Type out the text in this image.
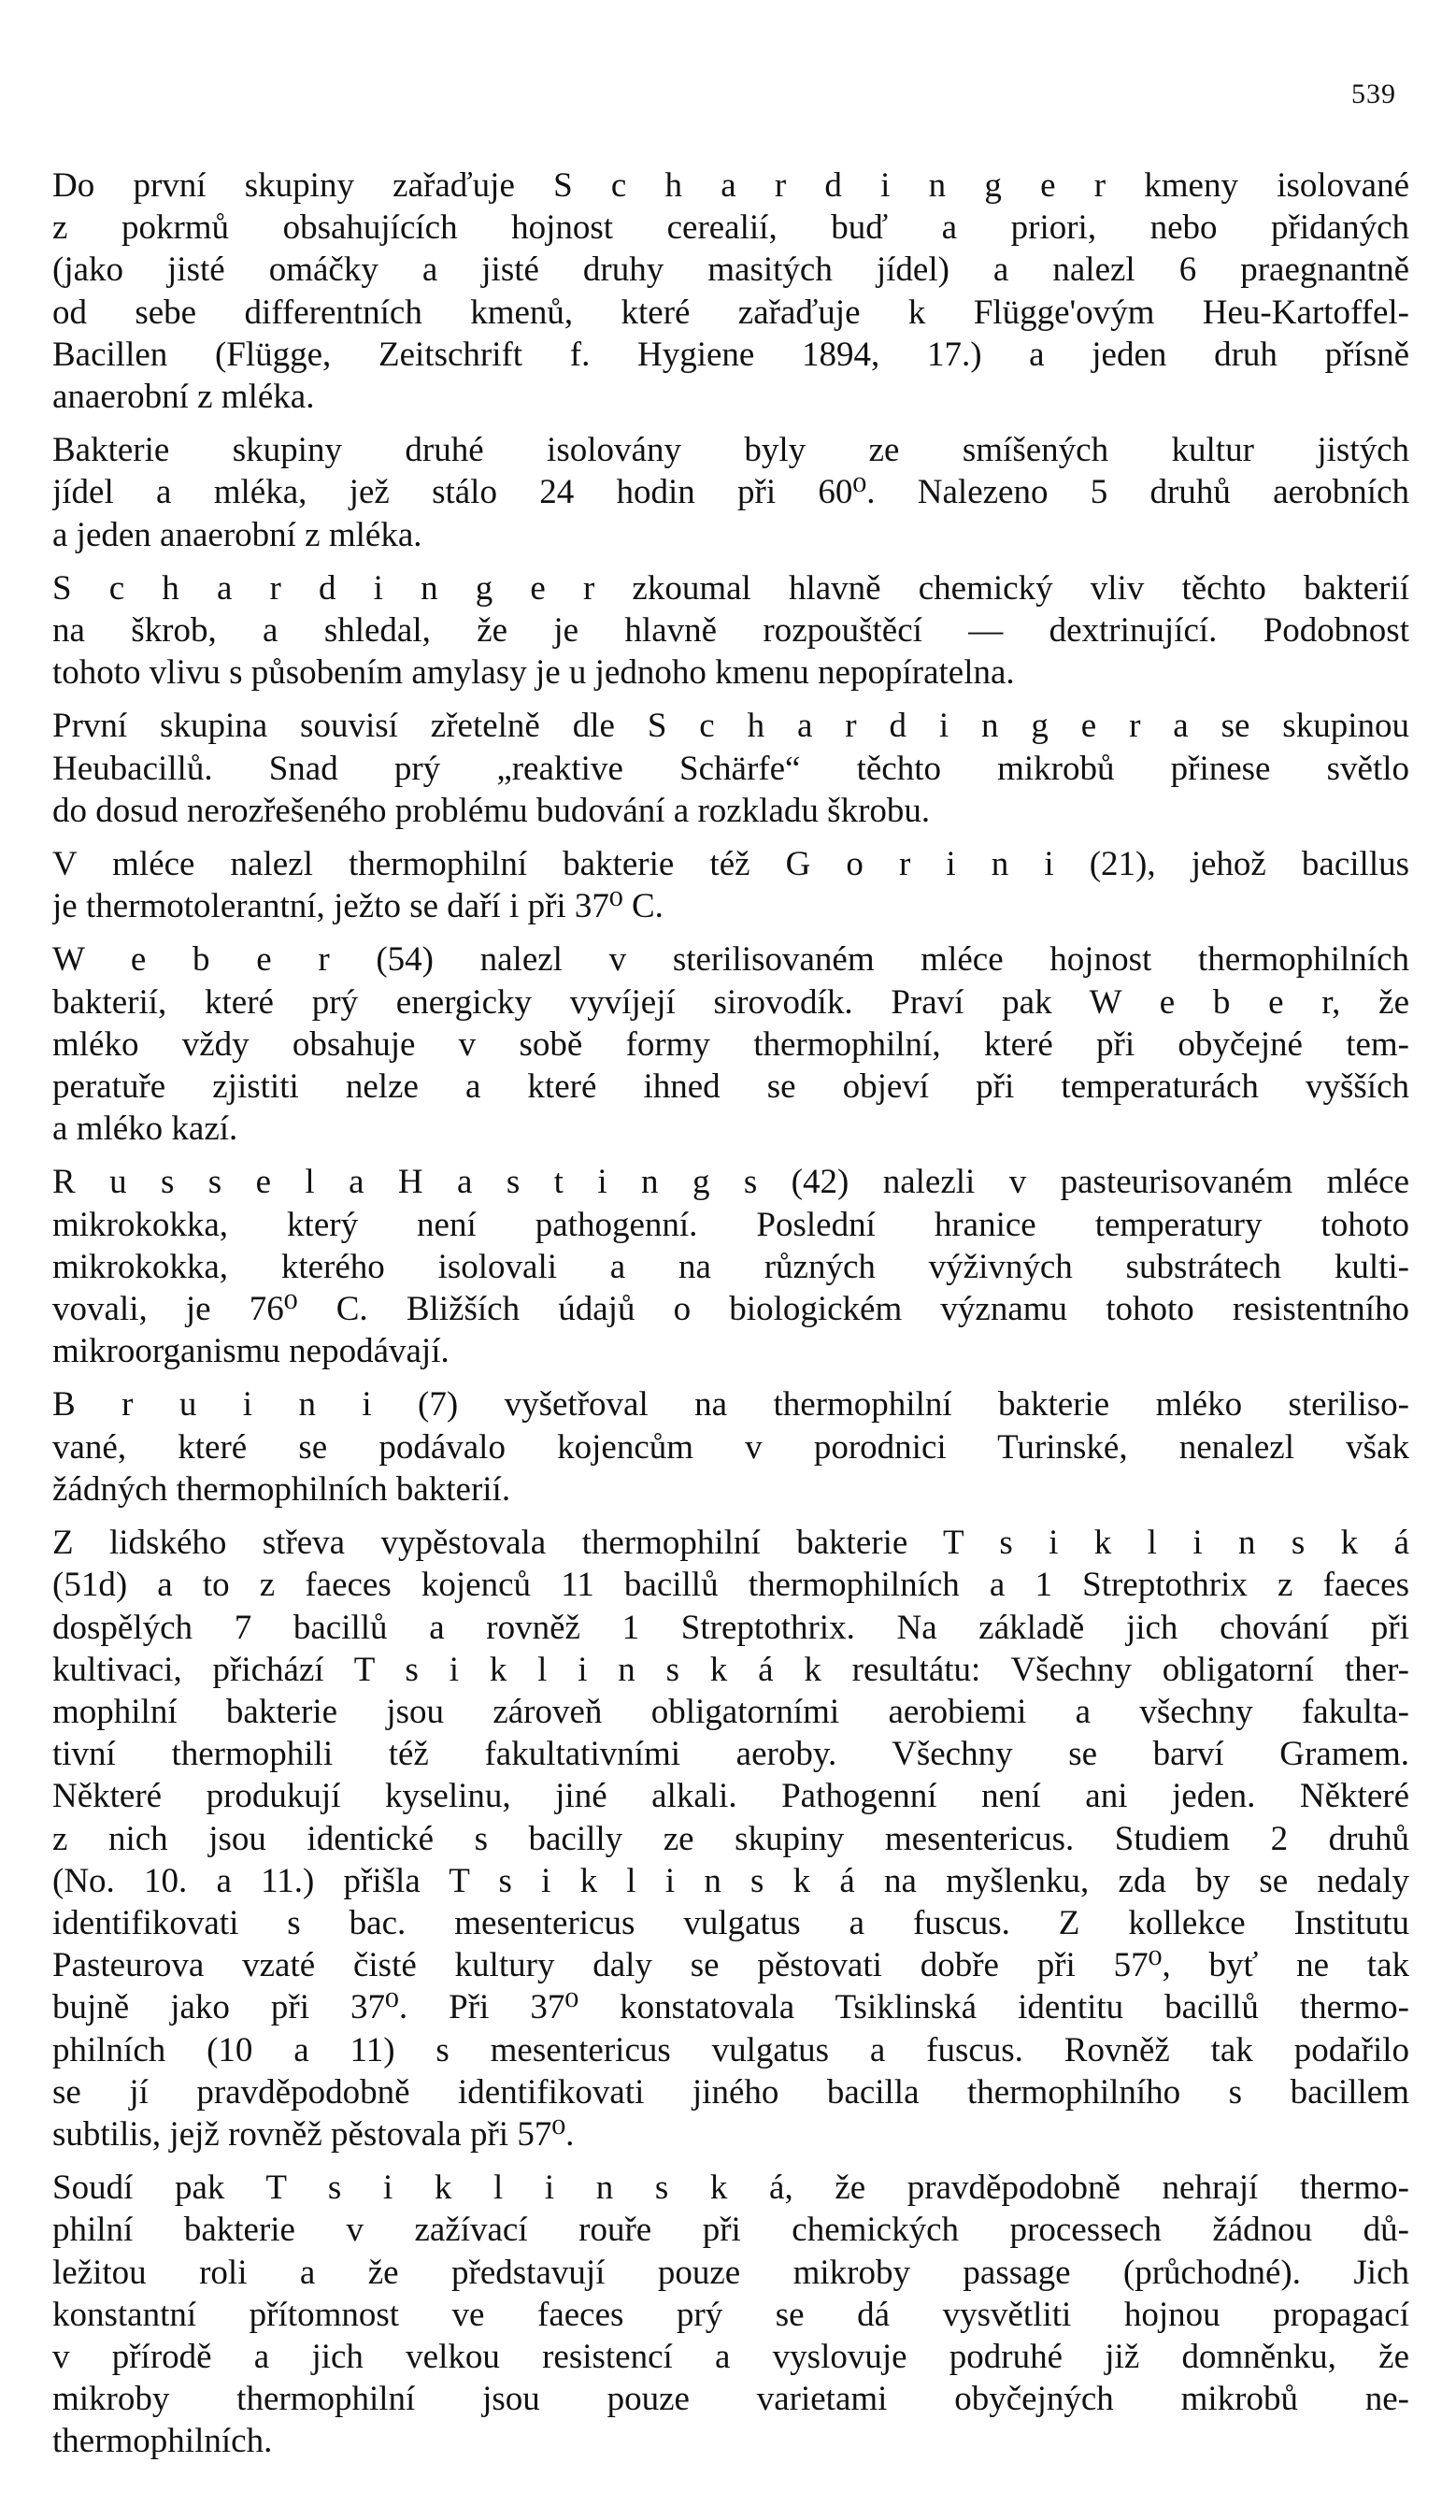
539
Do první skupiny zařaďuje S c h a r d i n g e r kmeny isolované
z pokrmů obsahujících hojnost cerealií, buď a priori, nebo přidaných
(jako jisté omáčky a jisté druhy masitých jídel) a nalezl 6 praegnantně
od sebe differentních kmenů, které zařaďuje k Flügge'ovým Heu-Kartoffel-
Bacillen (Flügge, Zeitschrift f. Hygiene 1894, 17.) a jeden druh přísně
anaerobní z mléka.
Bakterie skupiny druhé isolovány byly ze smíšených kultur jistých
jídel a mléka, jež stálo 24 hodin při 60⁰. Nalezeno 5 druhů aerobních
a jeden anaerobní z mléka.
S c h a r d i n g e r zkoumal hlavně chemický vliv těchto bakterií
na škrob, a shledal, že je hlavně rozpouštěcí — dextrinující. Podobnost
tohoto vlivu s působením amylasy je u jednoho kmenu nepopíratelna.
První skupina souvisí zřetelně dle S c h a r d i n g e r a se skupinou
Heubacillů. Snad prý „reaktive Schärfe“ těchto mikrobů přinese světlo
do dosud nerozřešeného problému budování a rozkladu škrobu.
V mléce nalezl thermophilní bakterie též G o r i n i (21), jehož bacillus
je thermotolerantní, ježto se daří i při 37⁰ C.
W e b e r (54) nalezl v sterilisovaném mléce hojnost thermophilních
bakterií, které prý energicky vyvíjejí sirovodík. Praví pak W e b e r, že
mléko vždy obsahuje v sobě formy thermophilní, které při obyčejné tem-
peratuře zjistiti nelze a které ihned se objeví při temperaturách vyšších
a mléko kazí.
R u s s e l a H a s t i n g s (42) nalezli v pasteurisovaném mléce
mikrokokka, který není pathogenní. Poslední hranice temperatury tohoto
mikrokokka, kterého isolovali a na různých výživných substrátech kulti-
vovali, je 76⁰ C. Bližších údajů o biologickém významu tohoto resistentního
mikroorganismu nepodávají.
B r u i n i (7) vyšetřoval na thermophilní bakterie mléko sterilisо-
vané, které se podávalo kojencům v porodnici Turinské, nenalezl však
žádných thermophilních bakterií.
Z lidského střeva vypěstovala thermophilní bakterie T s i k l i n s k á
(51d) a to z faeces kojenců 11 bacillů thermophilních a 1 Streptothrix z faeces
dospělých 7 bacillů a rovněž 1 Streptothrix. Na základě jich chování při
kultivaci, přichází T s i k l i n s k á k resultátu: Všechny obligatorní ther-
mophilní bakterie jsou zároveň obligatorními aerobiemi a všechny fakulta-
tivní thermophili též fakultativními aeroby. Všechny se barví Gramem.
Některé produkují kyselinu, jiné alkali. Pathogenní není ani jeden. Některé
z nich jsou identické s bacilly ze skupiny mesentericus. Studiem 2 druhů
(No. 10. a 11.) přišla T s i k l i n s k á na myšlenku, zda by se nedaly
identifikovati s bac. mesentericus vulgatus a fuscus. Z kollekce Institutu
Pasteurova vzaté čisté kultury daly se pěstovati dobře při 57⁰, byť ne tak
bujně jako při 37⁰. Při 37⁰ konstatovala Tsiklinská identitu bacillů thermo-
philních (10 a 11) s mesentericus vulgatus a fuscus. Rovněž tak podařilo
se jí pravděpodobně identifikovati jiného bacilla thermophilního s bacillem
subtilis, jejž rovněž pěstovala při 57⁰.
Soudí pak T s i k l i n s k á, že pravděpodobně nehrají thermo-
philní bakterie v zažívací rouře při chemických processech žádnou dů-
ležitou roli a že představují pouze mikroby passage (průchodné). Jich
konstantní přítomnost ve faeces prý se dá vysvětliti hojnou propagací
v přírodě a jich velkou resistencí a vyslovuje podruhé již domněnku, že
mikroby thermophilní jsou pouze varietami obyčejných mikrobů ne-
thermophilních.
